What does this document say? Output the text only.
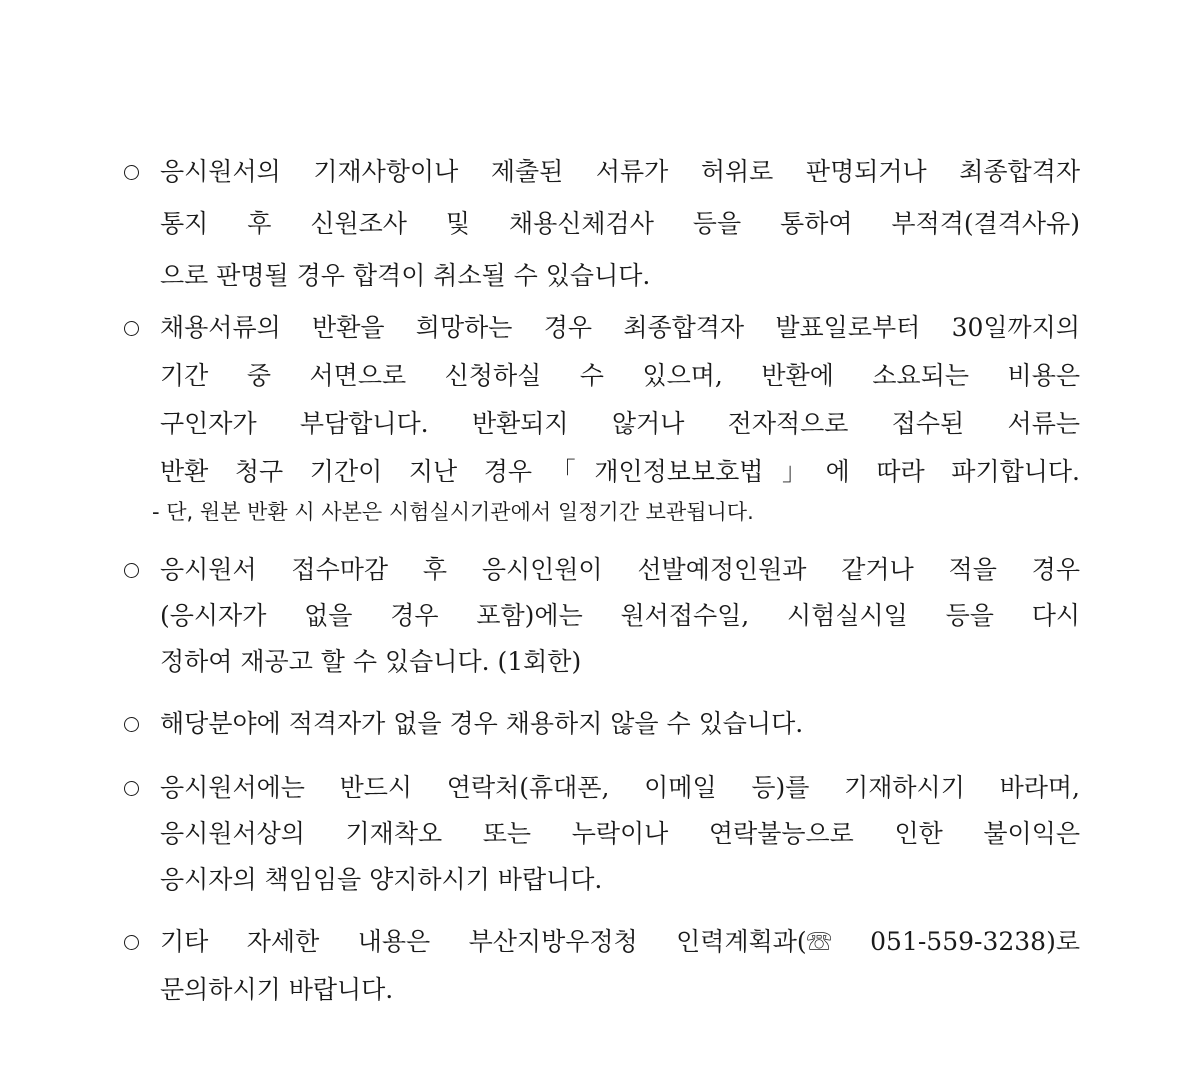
응시원서의 기재사항이나 제출된 서류가 허위로 판명되거나 최종합격자
통지 후 신원조사 및 채용신체검사 등을 통하여 부적격(결격사유)
으로 판명될 경우 합격이 취소될 수 있습니다.
채용서류의 반환을 희망하는 경우 최종합격자 발표일로부터 30일까지의
기간 중 서면으로 신청하실 수 있으며, 반환에 소요되는 비용은
구인자가 부담합니다. 반환되지 않거나 전자적으로 접수된 서류는
반환 청구 기간이 지난 경우「개인정보보호법」에 따라 파기합니다.
- 단, 원본 반환 시 사본은 시험실시기관에서 일정기간 보관됩니다.
응시원서 접수마감 후 응시인원이 선발예정인원과 같거나 적을 경우
(응시자가 없을 경우 포함)에는 원서접수일, 시험실시일 등을 다시
정하여 재공고 할 수 있습니다. (1회한)
해당분야에 적격자가 없을 경우 채용하지 않을 수 있습니다.
응시원서에는 반드시 연락처(휴대폰, 이메일 등)를 기재하시기 바라며,
응시원서상의 기재착오 또는 누락이나 연락불능으로 인한 불이익은
응시자의 책임임을 양지하시기 바랍니다.
기타 자세한 내용은 부산지방우정청 인력계획과(☏ 051-559-3238)로
문의하시기 바랍니다.
